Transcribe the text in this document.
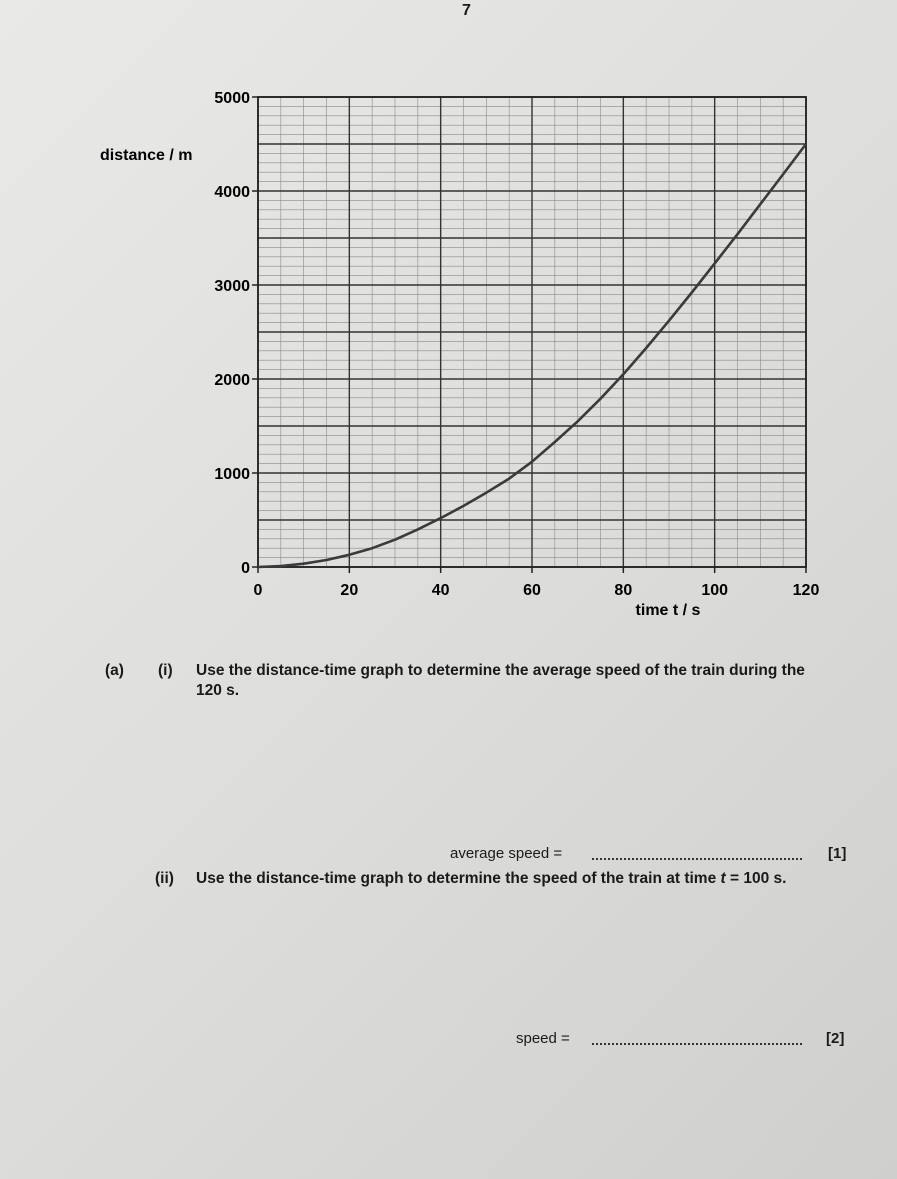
7
0
1000
2000
3000
4000
5000
0	20	40	60	80	100	120
distance / m
time t / s
(a) (i) Use the distance-time graph to determine the average speed of the train during the
120 s.
average speed =	[1]
(ii) Use the distance-time graph to determine the speed of the train at time t = 100 s.
speed =	[2]
